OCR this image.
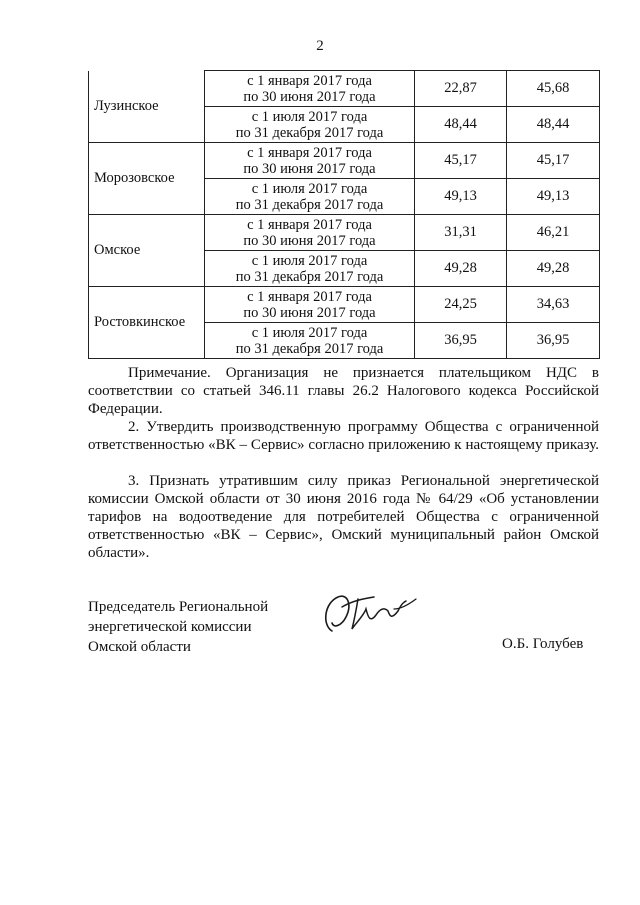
2
Лузинское	с 1 января 2017 года
по 30 июня 2017 года	22,87	45,68
	с 1 июля 2017 года
по 31 декабря 2017 года	48,44	48,44
Морозовское	с 1 января 2017 года
по 30 июня 2017 года	45,17	45,17
	с 1 июля 2017 года
по 31 декабря 2017 года	49,13	49,13
Омское	с 1 января 2017 года
по 30 июня 2017 года	31,31	46,21
	с 1 июля 2017 года
по 31 декабря 2017 года	49,28	49,28
Ростовкинское	с 1 января 2017 года
по 30 июня 2017 года	24,25	34,63
	с 1 июля 2017 года
по 31 декабря 2017 года	36,95	36,95

Примечание. Организация не признается плательщиком НДС в соответствии со статьей 346.11 главы 26.2 Налогового кодекса Российской Федерации.

2. Утвердить производственную программу Общества с ограниченной ответственностью «ВК – Сервис» согласно приложению к настоящему приказу.

3. Признать утратившим силу приказ Региональной энергетической комиссии Омской области от 30 июня 2016 года № 64/29 «Об установлении тарифов на водоотведение для потребителей Общества с ограниченной ответственностью «ВК – Сервис», Омский муниципальный район Омской области».

Председатель Региональной
энергетической комиссии
Омской области	О.Б. Голубев
